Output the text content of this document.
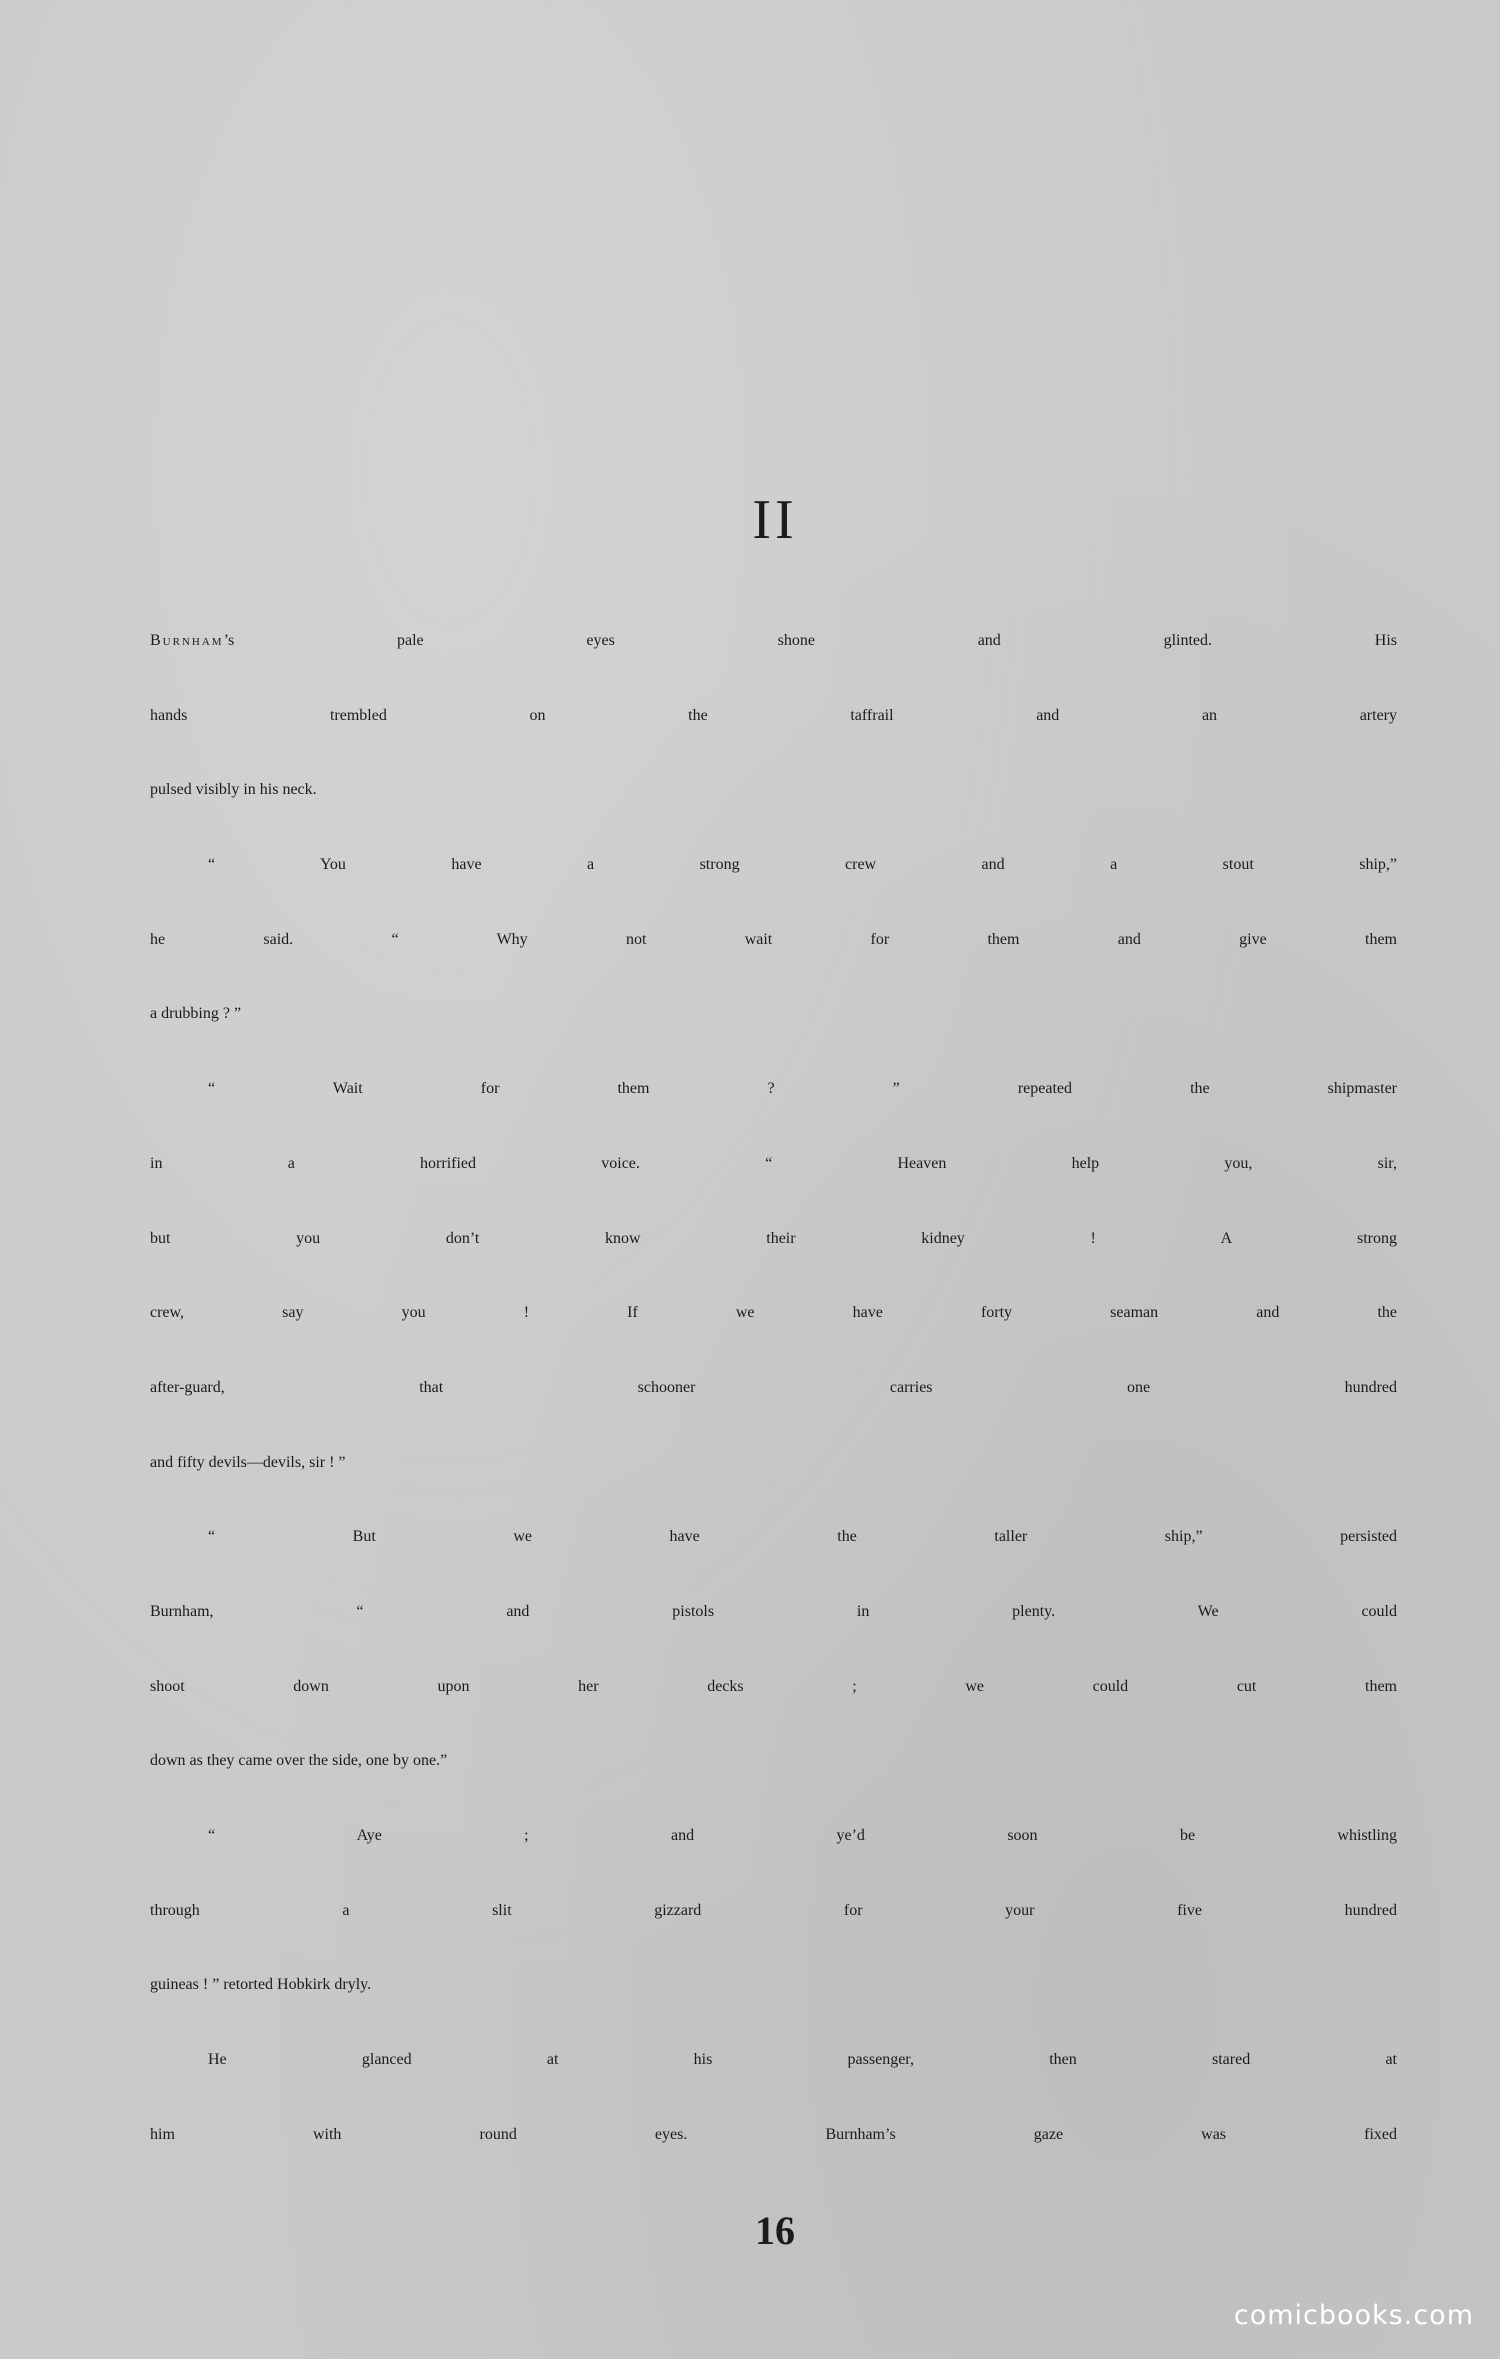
II
Burnham’s pale eyes shone and glinted. His
hands trembled on the taffrail and an artery
pulsed visibly in his neck.
“ You have a strong crew and a stout ship,”
he said. “ Why not wait for them and give them
a drubbing ? ”
“ Wait for them ? ” repeated the shipmaster
in a horrified voice. “ Heaven help you, sir,
but you don’t know their kidney ! A strong
crew, say you ! If we have forty seaman and the
after-guard, that schooner carries one hundred
and fifty devils—devils, sir ! ”
“ But we have the taller ship,” persisted
Burnham, “ and pistols in plenty. We could
shoot down upon her decks ; we could cut them
down as they came over the side, one by one.”
“ Aye ; and ye’d soon be whistling
through a slit gizzard for your five hundred
guineas ! ” retorted Hobkirk dryly.
He glanced at his passenger, then stared at
him with round eyes. Burnham’s gaze was fixed
16
comicbooks.com
